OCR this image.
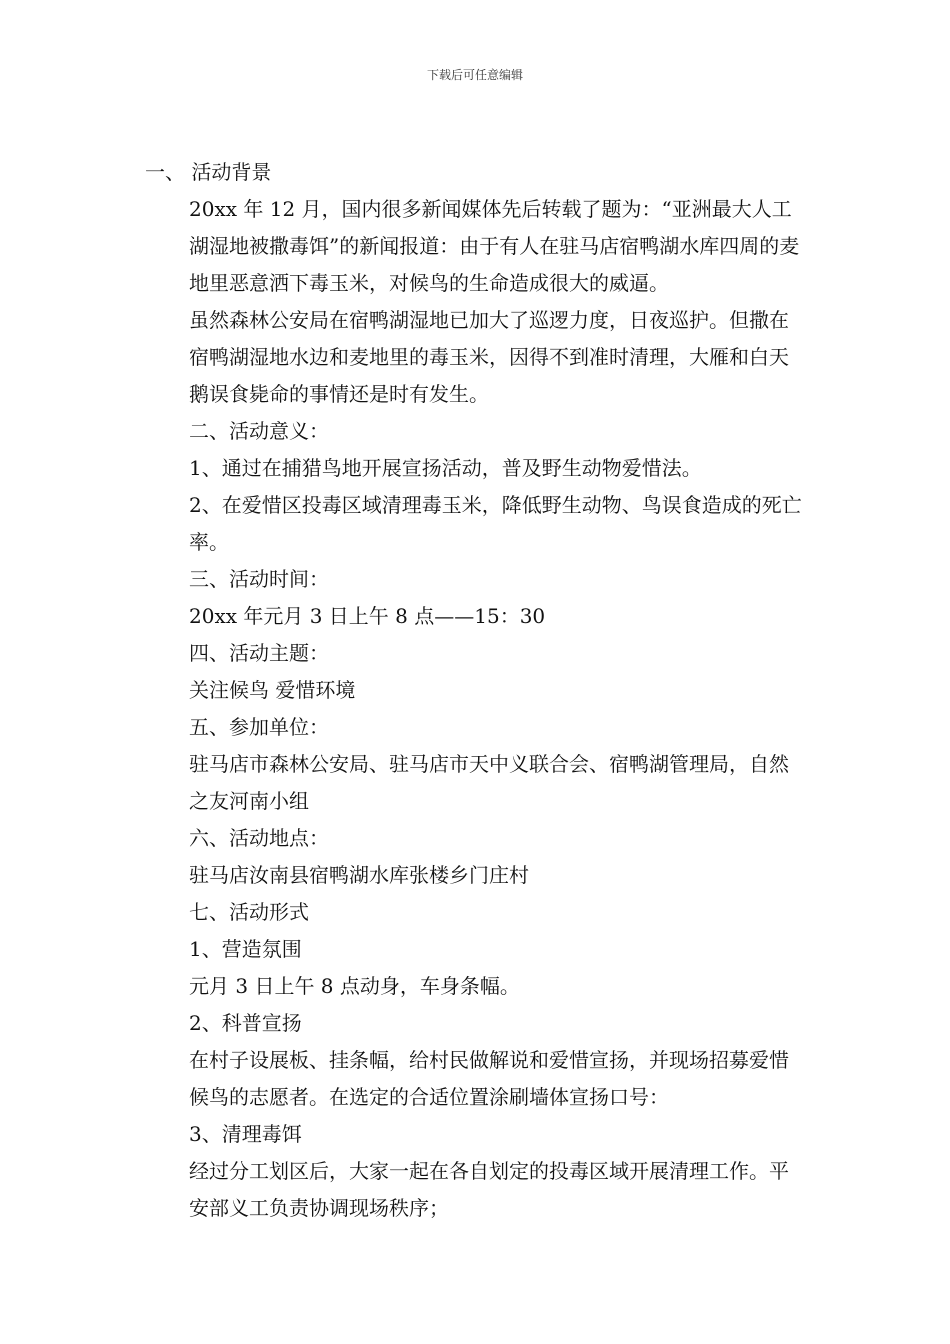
下载后可任意编辑

一、 活动背景

20xx 年 12 月，国内很多新闻媒体先后转载了题为：“亚洲最大人工湖湿地被撒毒饵”的新闻报道：由于有人在驻马店宿鸭湖水库四周的麦地里恶意洒下毒玉米，对候鸟的生命造成很大的威逼。

虽然森林公安局在宿鸭湖湿地已加大了巡逻力度，日夜巡护。但撒在宿鸭湖湿地水边和麦地里的毒玉米，因得不到准时清理，大雁和白天鹅误食毙命的事情还是时有发生。

二、活动意义：

1、通过在捕猎鸟地开展宣扬活动，普及野生动物爱惜法。

2、在爱惜区投毒区域清理毒玉米，降低野生动物、鸟误食造成的死亡率。

三、活动时间：

20xx 年元月 3 日上午 8 点——15：30

四、活动主题：

关注候鸟 爱惜环境

五、参加单位：

驻马店市森林公安局、驻马店市天中义联合会、宿鸭湖管理局，自然之友河南小组

六、活动地点：

驻马店汝南县宿鸭湖水库张楼乡门庄村

七、活动形式

1、营造氛围

元月 3 日上午 8 点动身，车身条幅。

2、科普宣扬

在村子设展板、挂条幅，给村民做解说和爱惜宣扬，并现场招募爱惜候鸟的志愿者。在选定的合适位置涂刷墙体宣扬口号：

3、清理毒饵

经过分工划区后，大家一起在各自划定的投毒区域开展清理工作。平安部义工负责协调现场秩序；
